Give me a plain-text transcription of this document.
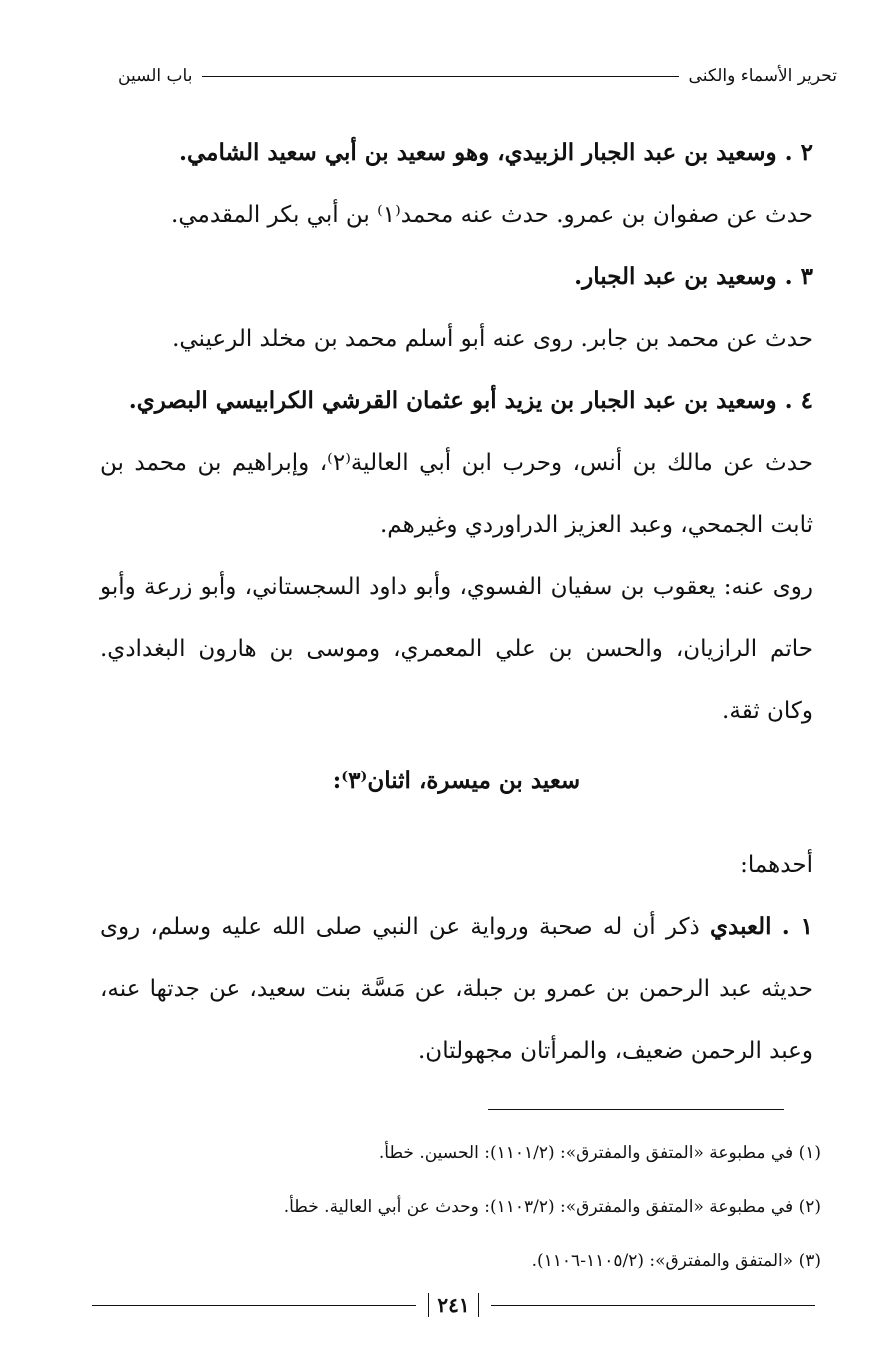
تحرير الأسماء والكنى
باب السين

٢ . وسعيد بن عبد الجبار الزبيدي، وهو سعيد بن أبي سعيد الشامي.

حدث عن صفوان بن عمرو. حدث عنه محمد⁽١⁾ بن أبي بكر المقدمي.

٣ . وسعيد بن عبد الجبار.

حدث عن محمد بن جابر. روى عنه أبو أسلم محمد بن مخلد الرعيني.

٤ . وسعيد بن عبد الجبار بن يزيد أبو عثمان القرشي الكرابيسي البصري.

حدث عن مالك بن أنس، وحرب ابن أبي العالية⁽٢⁾، وإبراهيم بن محمد بن ثابت الجمحي، وعبد العزيز الدراوردي وغيرهم.

روى عنه: يعقوب بن سفيان الفسوي، وأبو داود السجستاني، وأبو زرعة وأبو حاتم الرازيان، والحسن بن علي المعمري، وموسى بن هارون البغدادي. وكان ثقة.

سعيد بن ميسرة، اثنان⁽٣⁾:

أحدهما:

١ . العبدي ذكر أن له صحبة ورواية عن النبي صلى الله عليه وسلم، روى حديثه عبد الرحمن بن عمرو بن جبلة، عن مَسَّة بنت سعيد، عن جدتها عنه، وعبد الرحمن ضعيف، والمرأتان مجهولتان.

(١) في مطبوعة «المتفق والمفترق»: (١١٠١/٢): الحسين. خطأ.

(٢) في مطبوعة «المتفق والمفترق»: (١١٠٣/٢): وحدث عن أبي العالية. خطأ.

(٣) «المتفق والمفترق»: (١١٠٥/٢-١١٠٦).

٢٤١
